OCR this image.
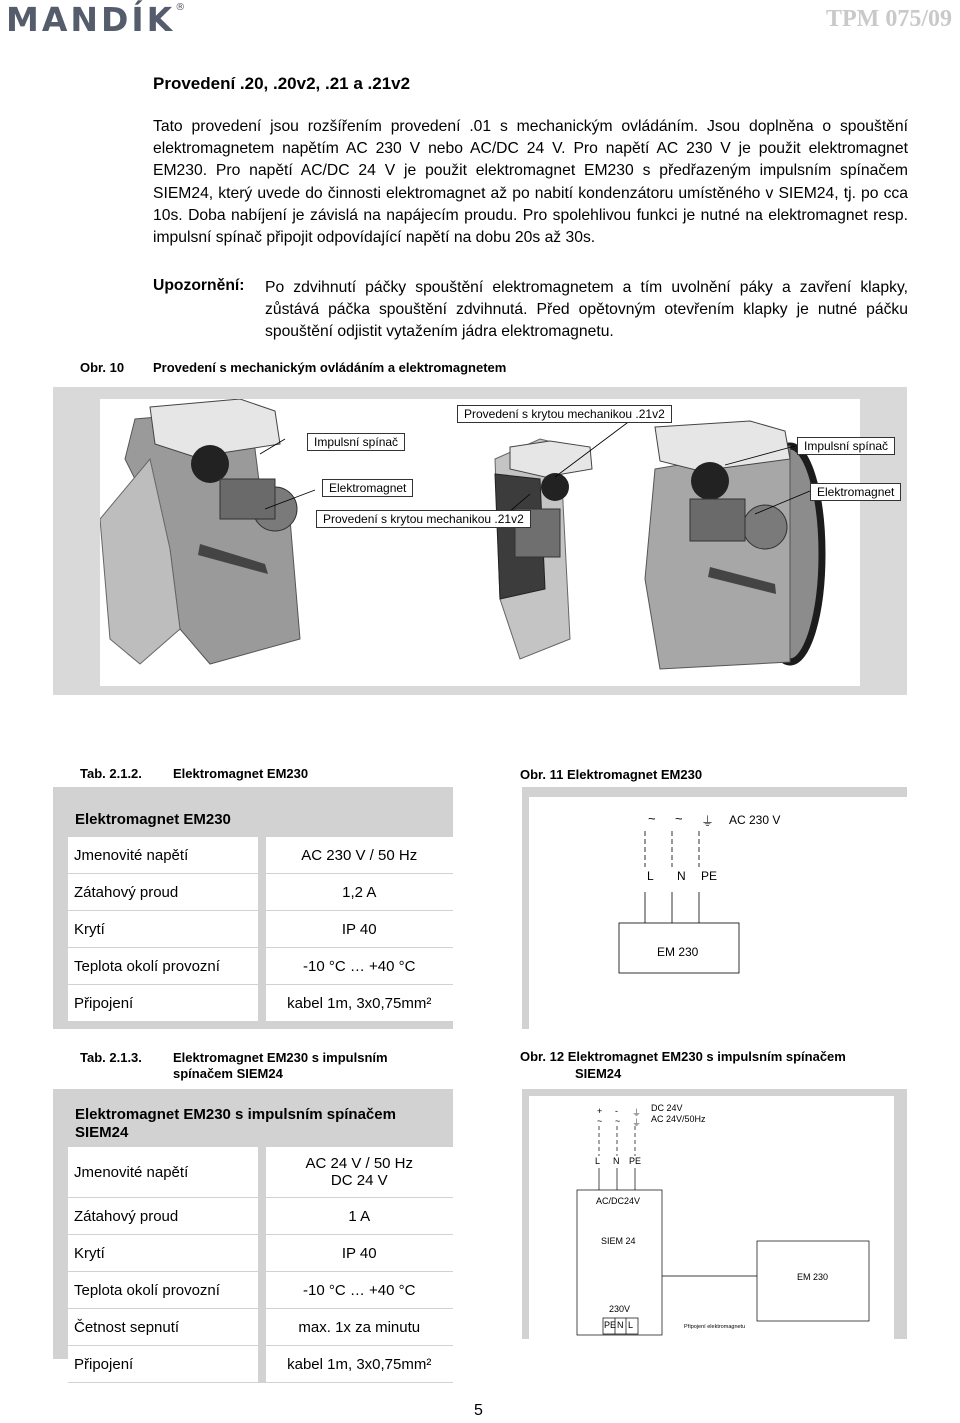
MANDÍK®	TPM 075/09
Provedení .20, .20v2, .21 a .21v2
Tato provedení jsou rozšířením provedení .01 s mechanickým ovládáním. Jsou doplněna o spouštění elektromagnetem napětím AC 230 V nebo AC/DC 24 V. Pro napětí AC 230 V je použit elektromagnet EM230. Pro napětí AC/DC 24 V je použit elektromagnet EM230 s předřazeným impulsním spínačem SIEM24, který uvede do činnosti elektromagnet až po nabití kondenzátoru umístěného v SIEM24, tj. po cca 10s. Doba nabíjení je závislá na napájecím proudu. Pro spolehlivou funkci je nutné na elektromagnet resp. impulsní spínač připojit odpovídající napětí na dobu 20s až 30s.
Upozornění: Po zdvihnutí páčky spouštění elektromagnetem a tím uvolnění páky a zavření klapky, zůstává páčka spouštění zdvihnutá. Před opětovným otevřením klapky je nutné páčku spouštění odjistit vytažením jádra elektromagnetu.
Obr. 10 Provedení s mechanickým ovládáním a elektromagnetem
Provedení s krytou mechanikou .21v2
Impulsní spínač	Impulsní spínač
Elektromagnet	Elektromagnet
Provedení s krytou mechanikou .21v2
Tab. 2.1.2. Elektromagnet EM230
Elektromagnet EM230
Jmenovité napětí	AC 230 V / 50 Hz
Zátahový proud	1,2 A
Krytí	IP 40
Teplota okolí provozní	-10 °C … +40 °C
Připojení	kabel 1m, 3x0,75mm²
Obr. 11 Elektromagnet EM230
~ ~ ⏚ AC 230 V
L N PE
EM 230
Tab. 2.1.3. Elektromagnet EM230 s impulsním
spínačem SIEM24
Elektromagnet EM230 s impulsním spínačem
SIEM24
Jmenovité napětí	AC 24 V / 50 Hz
DC 24 V

Zátahový proud	1 A
Krytí	IP 40
Teplota okolí provozní	-10 °C … +40 °C
Četnost sepnutí	max. 1x za minutu
Připojení	kabel 1m, 3x0,75mm²
Obr. 12 Elektromagnet EM230 s impulsním spínačem
SIEM24
+ - ⏚
~ ~ ⏚
DC 24V
AC 24V/50Hz
L N PE
AC/DC24V
SIEM 24
230V
PE N L
EM 230
Připojení elektromagnetu
5
